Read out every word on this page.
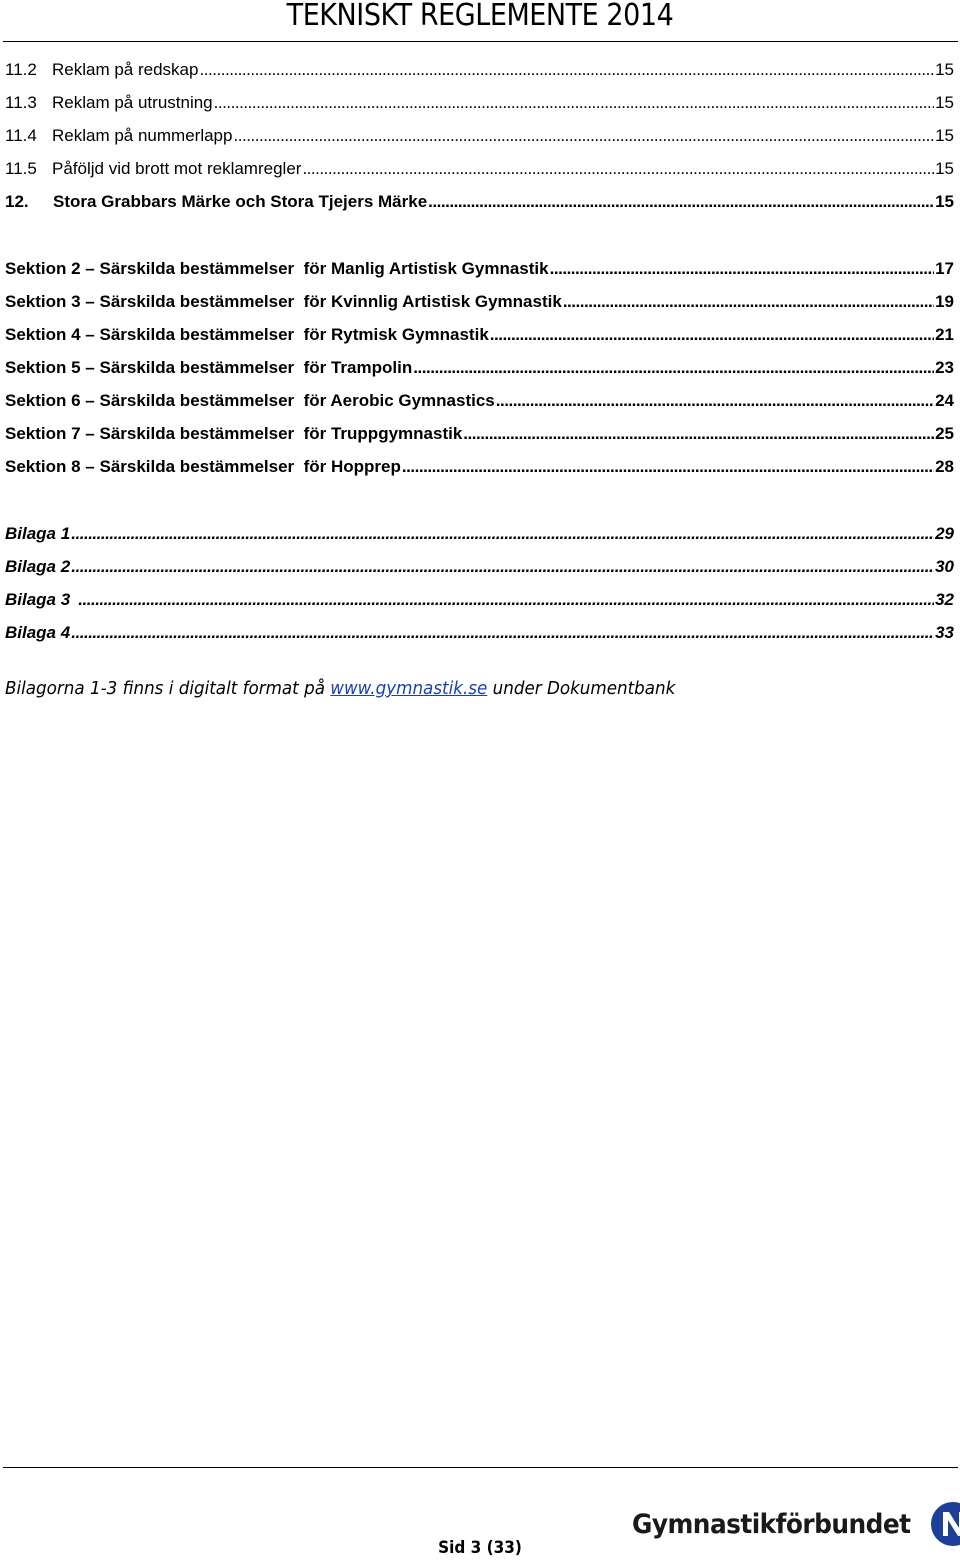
TEKNISKT REGLEMENTE 2014
11.2 Reklam på redskap . . .	15
11.3 Reklam på utrustning . . .	15
11.4 Reklam på nummerlapp . . .	15
11.5 Påföljd vid brott mot reklamregler . . .	15
12.	Stora Grabbars Märke och Stora Tjejers Märke . . .	15
Sektion 2 – Särskilda bestämmelser  för Manlig Artistisk Gymnastik . . .	17
Sektion 3 – Särskilda bestämmelser  för Kvinnlig Artistisk Gymnastik . . .	19
Sektion 4 – Särskilda bestämmelser  för Rytmisk Gymnastik . . .	21
Sektion 5 – Särskilda bestämmelser  för Trampolin . . .	23
Sektion 6 – Särskilda bestämmelser  för Aerobic Gymnastics . . .	24
Sektion 7 – Särskilda bestämmelser  för Truppgymnastik . . .	25
Sektion 8 – Särskilda bestämmelser  för Hopprep . . .	28
Bilaga 1 . . .	29
Bilaga 2 . . .	30
Bilaga 3 . . .	32
Bilaga 4 . . .	33
Bilagorna 1-3 finns i digitalt format på www.gymnastik.se under Dokumentbank
Sid 3 (33)
Gymnastikförbundet
